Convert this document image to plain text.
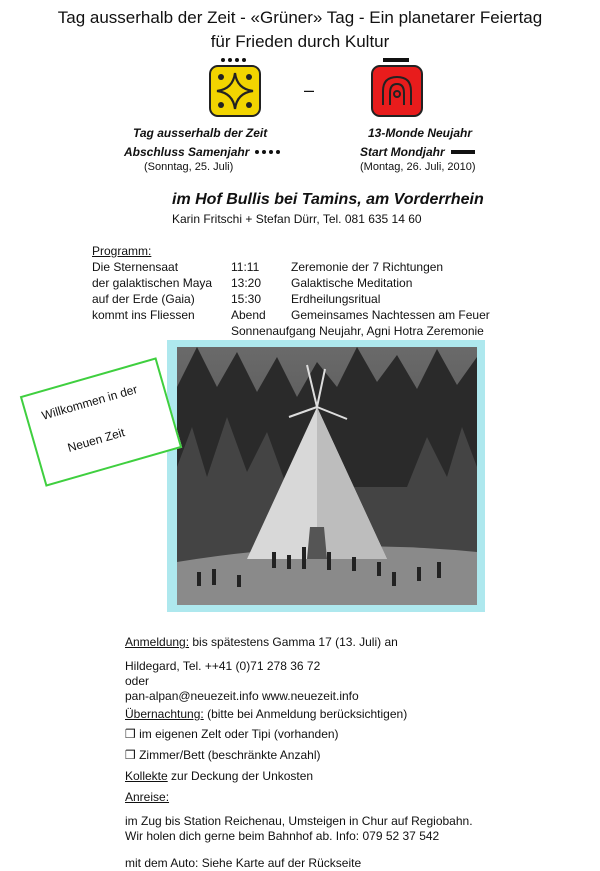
Tag ausserhalb der Zeit - «Grüner» Tag - Ein planetarer Feiertag
für Frieden durch Kultur
–
Tag ausserhalb der Zeit
Abschluss Samenjahr
(Sonntag, 25. Juli)
13-Monde Neujahr
Start Mondjahr
(Montag, 26. Juli, 2010)
im Hof Bullis bei Tamins, am Vorderrhein
Karin Fritschi + Stefan Dürr, Tel. 081 635 14 60
Programm:
Die Sternensaat	11:11	Zeremonie der 7 Richtungen
der galaktischen Maya	13:20	Galaktische Meditation
auf der Erde (Gaia)	15:30	Erdheilungsritual
kommt ins Fliessen	Abend	Gemeinsames Nachtessen am Feuer
Sonnenaufgang Neujahr, Agni Hotra Zeremonie
Willkommen in der
Neuen Zeit
Anmeldung: bis spätestens Gamma 17 (13. Juli) an
Hildegard, Tel. ++41 (0)71 278 36 72
oder
pan-alpan@neuezeit.info www.neuezeit.info
Übernachtung: (bitte bei Anmeldung berücksichtigen)
❒ im eigenen Zelt oder Tipi (vorhanden)
❒ Zimmer/Bett (beschränkte Anzahl)
Kollekte zur Deckung der Unkosten
Anreise:
im Zug bis Station Reichenau, Umsteigen in Chur auf Regiobahn.
Wir holen dich gerne beim Bahnhof ab. Info: 079 52 37 542
mit dem Auto: Siehe Karte auf der Rückseite
